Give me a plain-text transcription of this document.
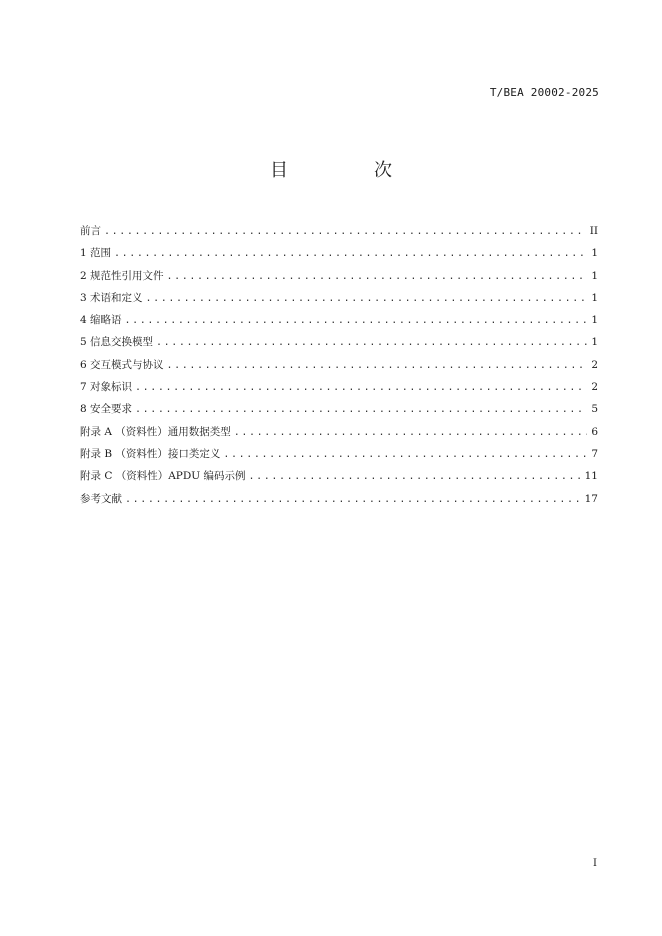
T/BEA 20002-2025
目　次
前言 .....	II
1 范围 .....	1
2 规范性引用文件 .....	1
3 术语和定义 .....	1
4 缩略语 .....	1
5 信息交换模型 .....	1
6 交互模式与协议 .....	2
7 对象标识 .....	2
8 安全要求 .....	5
附录 A （资料性）通用数据类型 .....	6
附录 B （资料性）接口类定义 .....	7
附录 C （资料性）APDU 编码示例 .....	11
参考文献 .....	17
I
